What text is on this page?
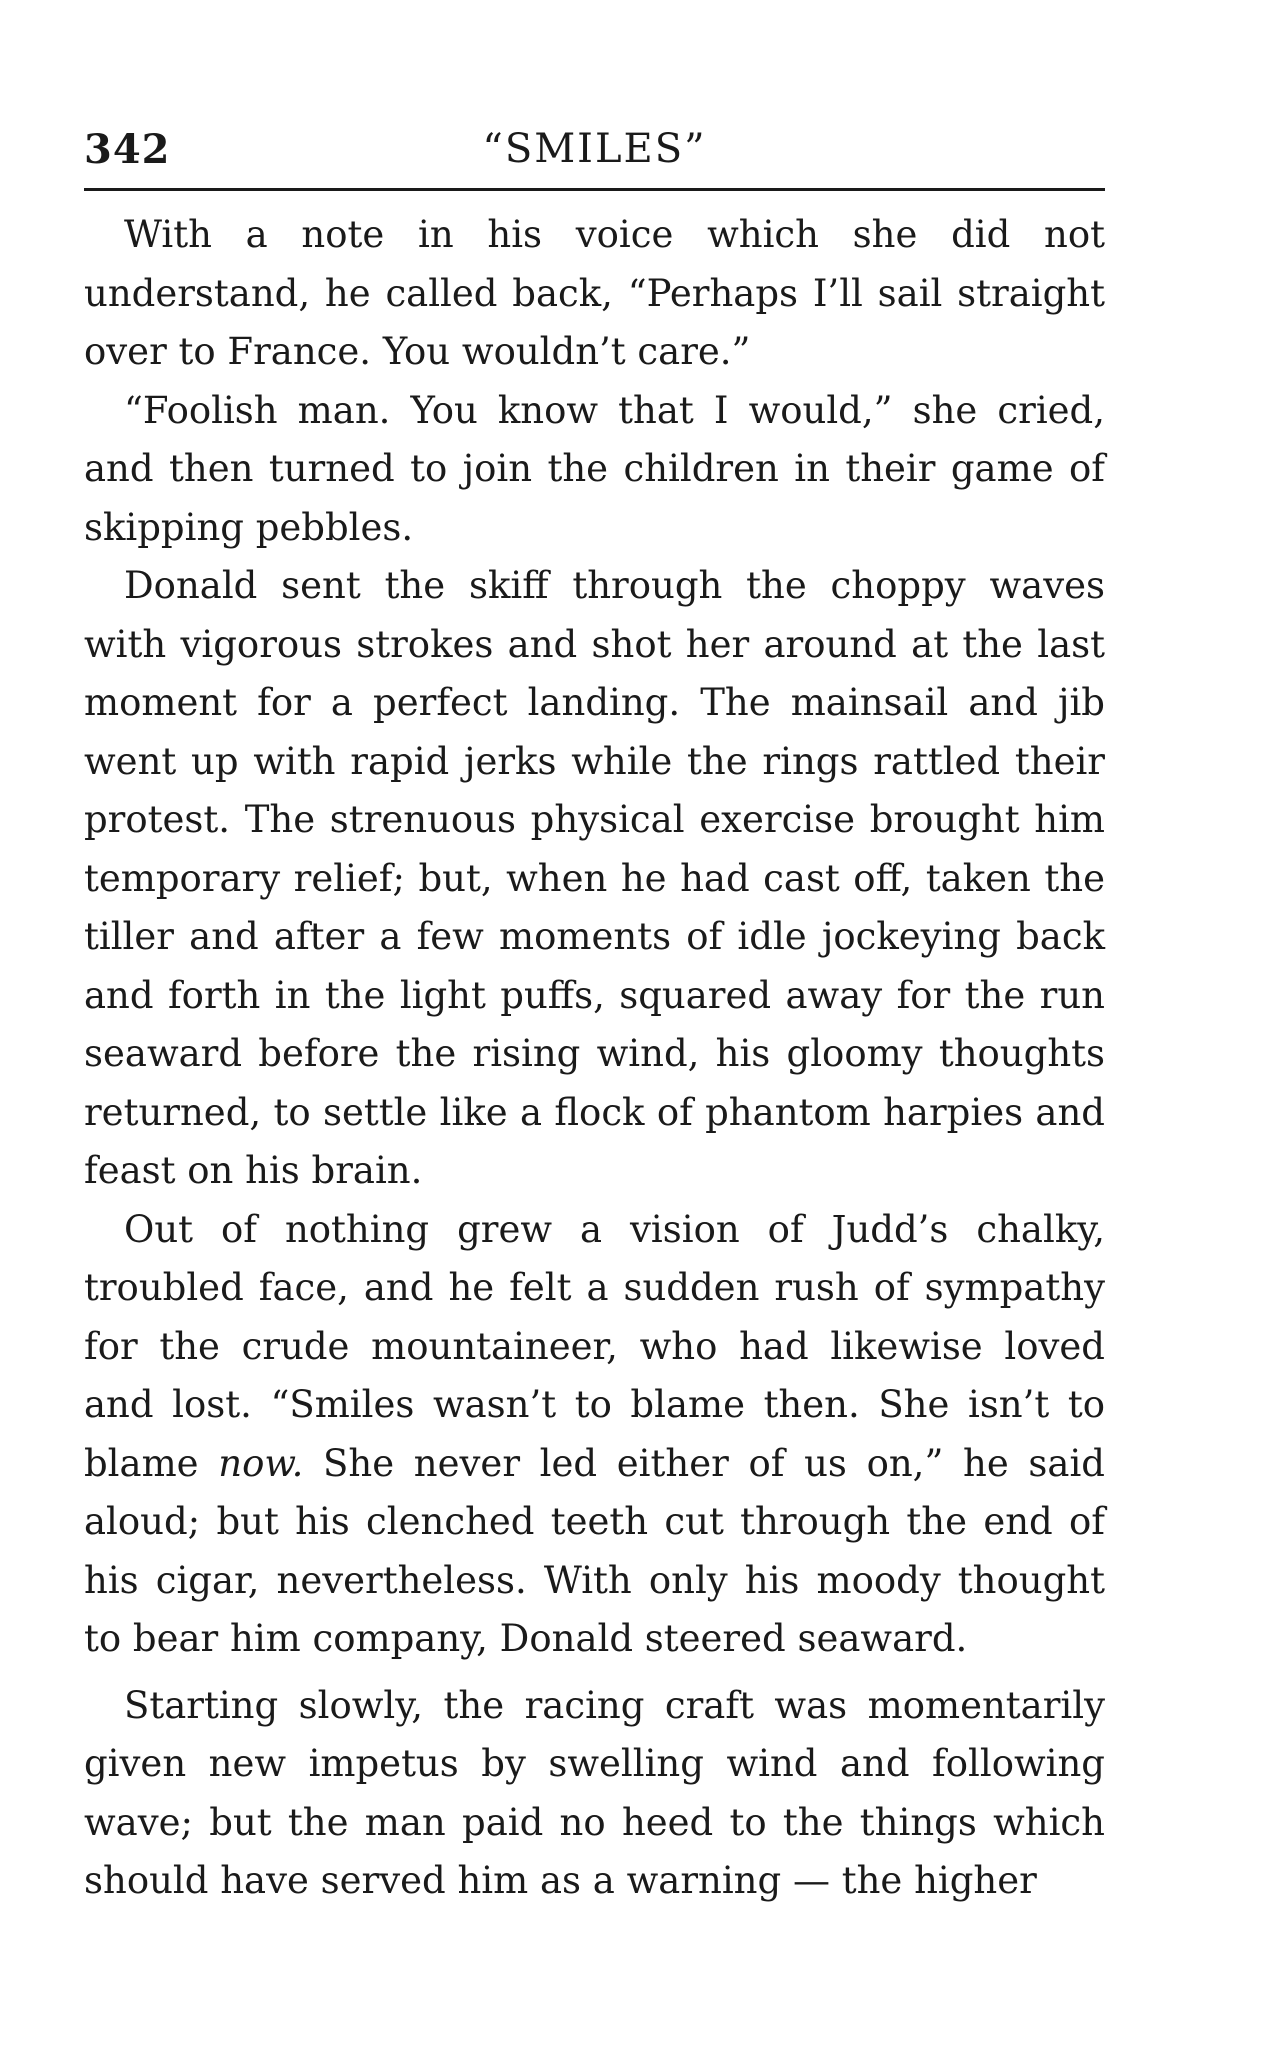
342	“SMILES”

With a note in his voice which she did not understand, he called back, “Perhaps I’ll sail straight over to France. You wouldn’t care.”

“Foolish man. You know that I would,” she cried, and then turned to join the children in their game of skipping pebbles.

Donald sent the skiff through the choppy waves with vigorous strokes and shot her around at the last moment for a perfect landing. The mainsail and jib went up with rapid jerks while the rings rattled their protest. The strenuous physical exercise brought him temporary relief; but, when he had cast off, taken the tiller and after a few moments of idle jockeying back and forth in the light puffs, squared away for the run seaward before the rising wind, his gloomy thoughts returned, to settle like a flock of phantom harpies and feast on his brain.

Out of nothing grew a vision of Judd’s chalky, troubled face, and he felt a sudden rush of sympathy for the crude mountaineer, who had likewise loved and lost. “Smiles wasn’t to blame then. She isn’t to blame now. She never led either of us on,” he said aloud; but his clenched teeth cut through the end of his cigar, nevertheless. With only his moody thought to bear him company, Donald steered seaward.

Starting slowly, the racing craft was momentarily given new impetus by swelling wind and following wave; but the man paid no heed to the things which should have served him as a warning — the higher
